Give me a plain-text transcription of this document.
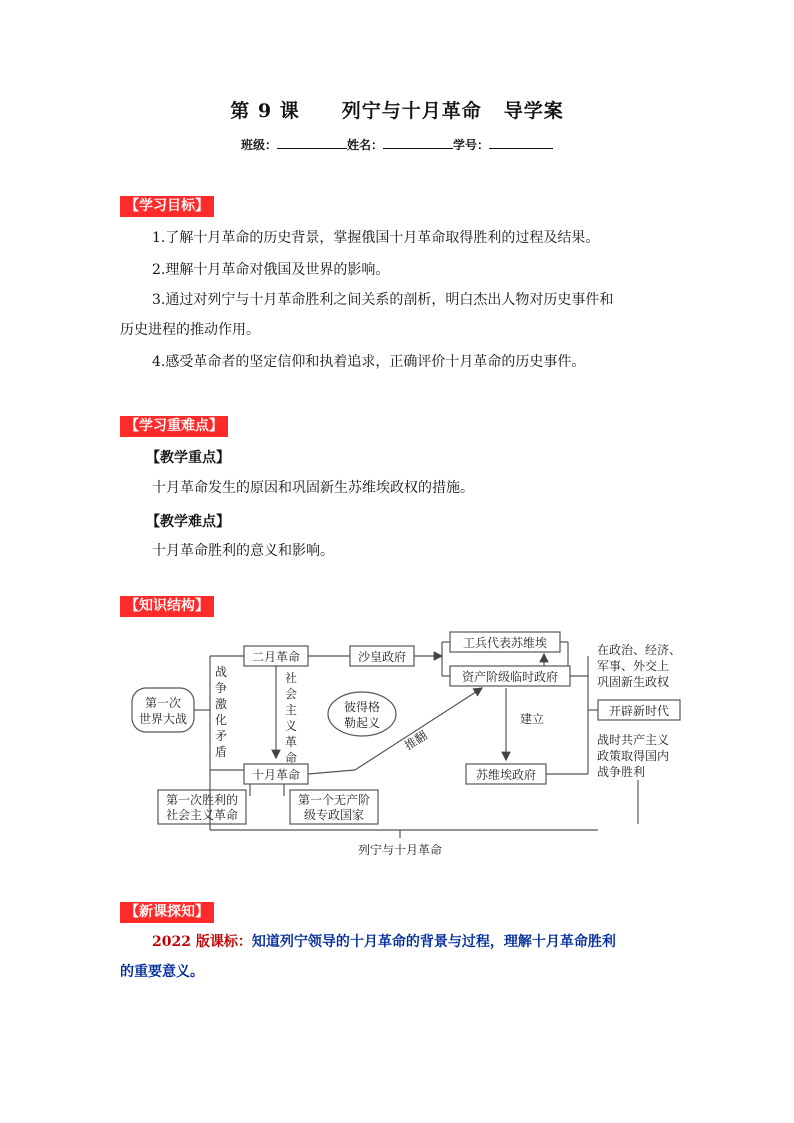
第 9 课 列宁与十月革命 导学案
班级：	姓名：	学号：
【学习目标】
1.了解十月革命的历史背景，掌握俄国十月革命取得胜利的过程及结果。
2.理解十月革命对俄国及世界的影响。
3.通过对列宁与十月革命胜利之间关系的剖析，明白杰出人物对历史事件和
历史进程的推动作用。
4.感受革命者的坚定信仰和执着追求，正确评价十月革命的历史事件。
【学习重难点】
【教学重点】
十月革命发生的原因和巩固新生苏维埃政权的措施。
【教学难点】
十月革命胜利的意义和影响。
【知识结构】
第一次
世界大战
战
争
激
化
矛
盾
二月革命
社
会
主
义
革
命
沙皇政府
工兵代表苏维埃
资产阶级临时政府
彼得格
勒起义
推翻
建立
十月革命	苏维埃政府
第一次胜利的
社会主义革命
第一个无产阶
级专政国家
在政治、经济、
军事、外交上
巩固新生政权
开辟新时代
战时共产主义
政策取得国内
战争胜利
列宁与十月革命
【新课探知】
2022 版课标：知道列宁领导的十月革命的背景与过程，理解十月革命胜利
的重要意义。
